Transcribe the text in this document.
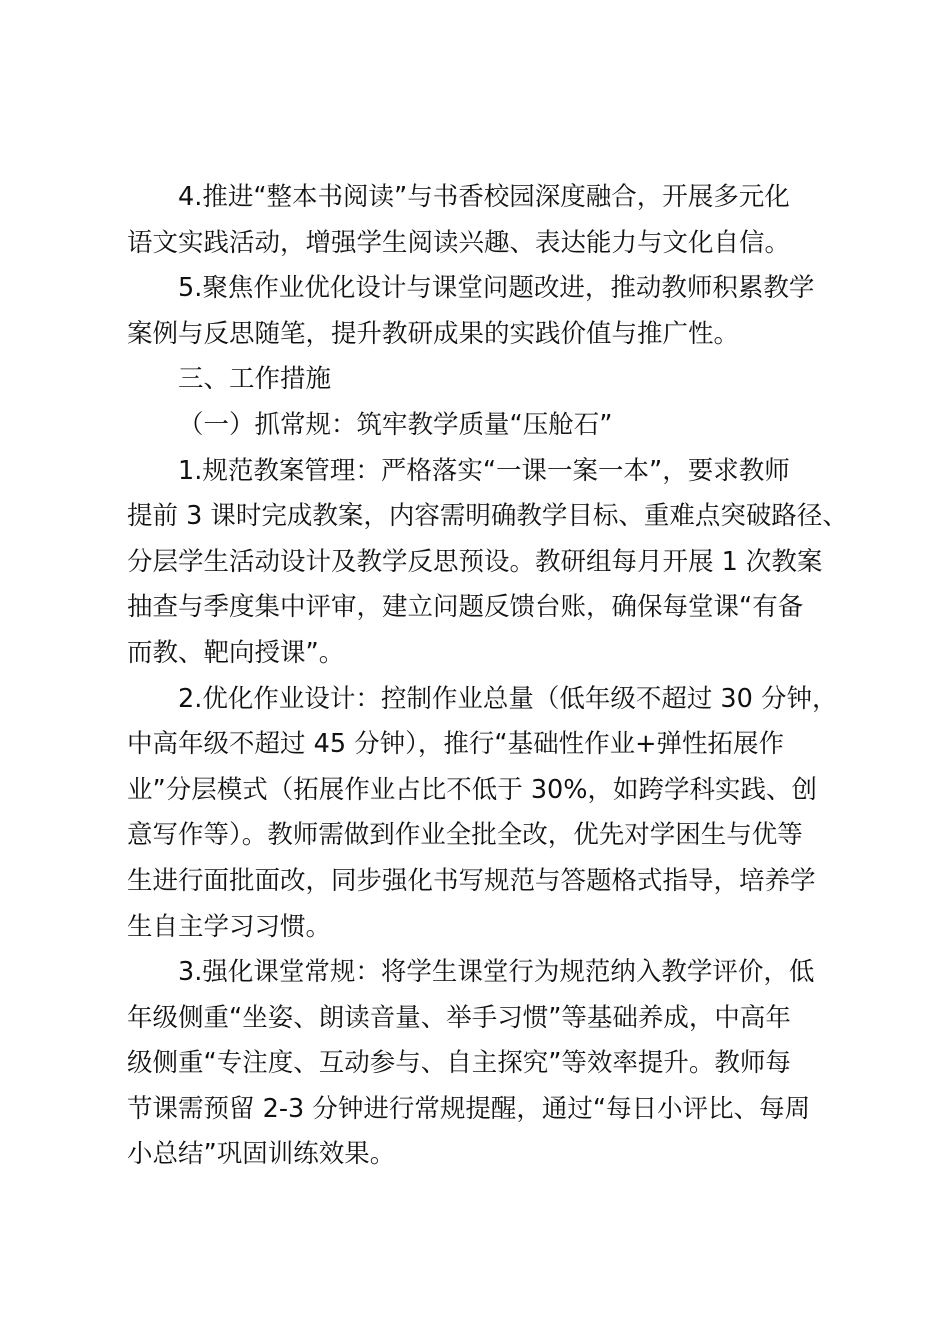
4.推进“整本书阅读”与书香校园深度融合，开展多元化
语文实践活动，增强学生阅读兴趣、表达能力与文化自信。
5.聚焦作业优化设计与课堂问题改进，推动教师积累教学
案例与反思随笔，提升教研成果的实践价值与推广性。
三、工作措施
（一）抓常规：筑牢教学质量“压舱石”
1.规范教案管理：严格落实“一课一案一本”，要求教师
提前 3 课时完成教案，内容需明确教学目标、重难点突破路径、
分层学生活动设计及教学反思预设。教研组每月开展 1 次教案
抽查与季度集中评审，建立问题反馈台账，确保每堂课“有备
而教、靶向授课”。
2.优化作业设计：控制作业总量（低年级不超过 30 分钟，
中高年级不超过 45 分钟），推行“基础性作业+弹性拓展作
业”分层模式（拓展作业占比不低于 30%，如跨学科实践、创
意写作等）。教师需做到作业全批全改，优先对学困生与优等
生进行面批面改，同步强化书写规范与答题格式指导，培养学
生自主学习习惯。
3.强化课堂常规：将学生课堂行为规范纳入教学评价，低
年级侧重“坐姿、朗读音量、举手习惯”等基础养成，中高年
级侧重“专注度、互动参与、自主探究”等效率提升。教师每
节课需预留 2-3 分钟进行常规提醒，通过“每日小评比、每周
小总结”巩固训练效果。
